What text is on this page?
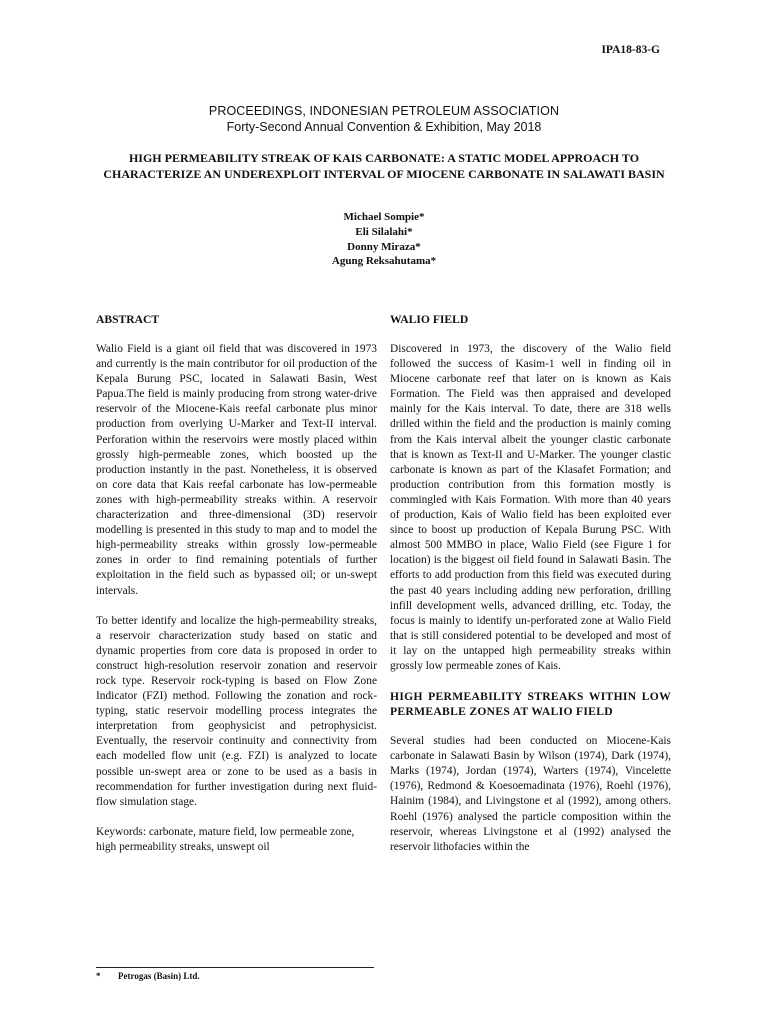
IPA18-83-G
PROCEEDINGS, INDONESIAN PETROLEUM ASSOCIATION
Forty-Second Annual Convention & Exhibition, May 2018
HIGH PERMEABILITY STREAK OF KAIS CARBONATE: A STATIC MODEL APPROACH TO CHARACTERIZE AN UNDEREXPLOIT INTERVAL OF MIOCENE CARBONATE IN SALAWATI BASIN
Michael Sompie*
Eli Silalahi*
Donny Miraza*
Agung Reksahutama*
ABSTRACT

Walio Field is a giant oil field that was discovered in 1973 and currently is the main contributor for oil production of the Kepala Burung PSC, located in Salawati Basin, West Papua.The field is mainly producing from strong water-drive reservoir of the Miocene-Kais reefal carbonate plus minor production from overlying U-Marker and Text-II interval. Perforation within the reservoirs were mostly placed within grossly high-permeable zones, which boosted up the production instantly in the past. Nonetheless, it is observed on core data that Kais reefal carbonate has low-permeable zones with high-permeability streaks within. A reservoir characterization and three-dimensional (3D) reservoir modelling is presented in this study to map and to model the high-permeability streaks within grossly low-permeable zones in order to find remaining potentials of further exploitation in the field such as bypassed oil; or un-swept intervals.

To better identify and localize the high-permeability streaks, a reservoir characterization study based on static and dynamic properties from core data is proposed in order to construct high-resolution reservoir zonation and reservoir rock type. Reservoir rock-typing is based on Flow Zone Indicator (FZI) method. Following the zonation and rock-typing, static reservoir modelling process integrates the interpretation from geophysicist and petrophysicist. Eventually, the reservoir continuity and connectivity from each modelled flow unit (e.g. FZI) is analyzed to locate possible un-swept area or zone to be used as a basis in recommendation for further investigation during next fluid-flow simulation stage.

Keywords: carbonate, mature field, low permeable zone, high permeability streaks, unswept oil

WALIO FIELD

Discovered in 1973, the discovery of the Walio field followed the success of Kasim-1 well in finding oil in Miocene carbonate reef that later on is known as Kais Formation. The Field was then appraised and developed mainly for the Kais interval. To date, there are 318 wells drilled within the field and the production is mainly coming from the Kais interval albeit the younger clastic carbonate that is known as Text-II and U-Marker. The younger clastic carbonate is known as part of the Klasafet Formation; and production contribution from this formation mostly is commingled with Kais Formation. With more than 40 years of production, Kais of Walio field has been exploited ever since to boost up production of Kepala Burung PSC. With almost 500 MMBO in place, Walio Field (see Figure 1 for location) is the biggest oil field found in Salawati Basin. The efforts to add production from this field was executed during the past 40 years including adding new perforation, drilling infill development wells, advanced drilling, etc. Today, the focus is mainly to identify un-perforated zone at Walio Field that is still considered potential to be developed and most of it lay on the untapped high permeability streaks within grossly low permeable zones of Kais.

HIGH PERMEABILITY STREAKS WITHIN LOW PERMEABLE ZONES AT WALIO FIELD

Several studies had been conducted on Miocene-Kais carbonate in Salawati Basin by Wilson (1974), Dark (1974), Marks (1974), Jordan (1974), Warters (1974), Vincelette (1976), Redmond & Koesoemadinata (1976), Roehl (1976), Hainim (1984), and Livingstone et al (1992), among others. Roehl (1976) analysed the particle composition within the reservoir, whereas Livingstone et al (1992) analysed the reservoir lithofacies within the

* Petrogas (Basin) Ltd.
